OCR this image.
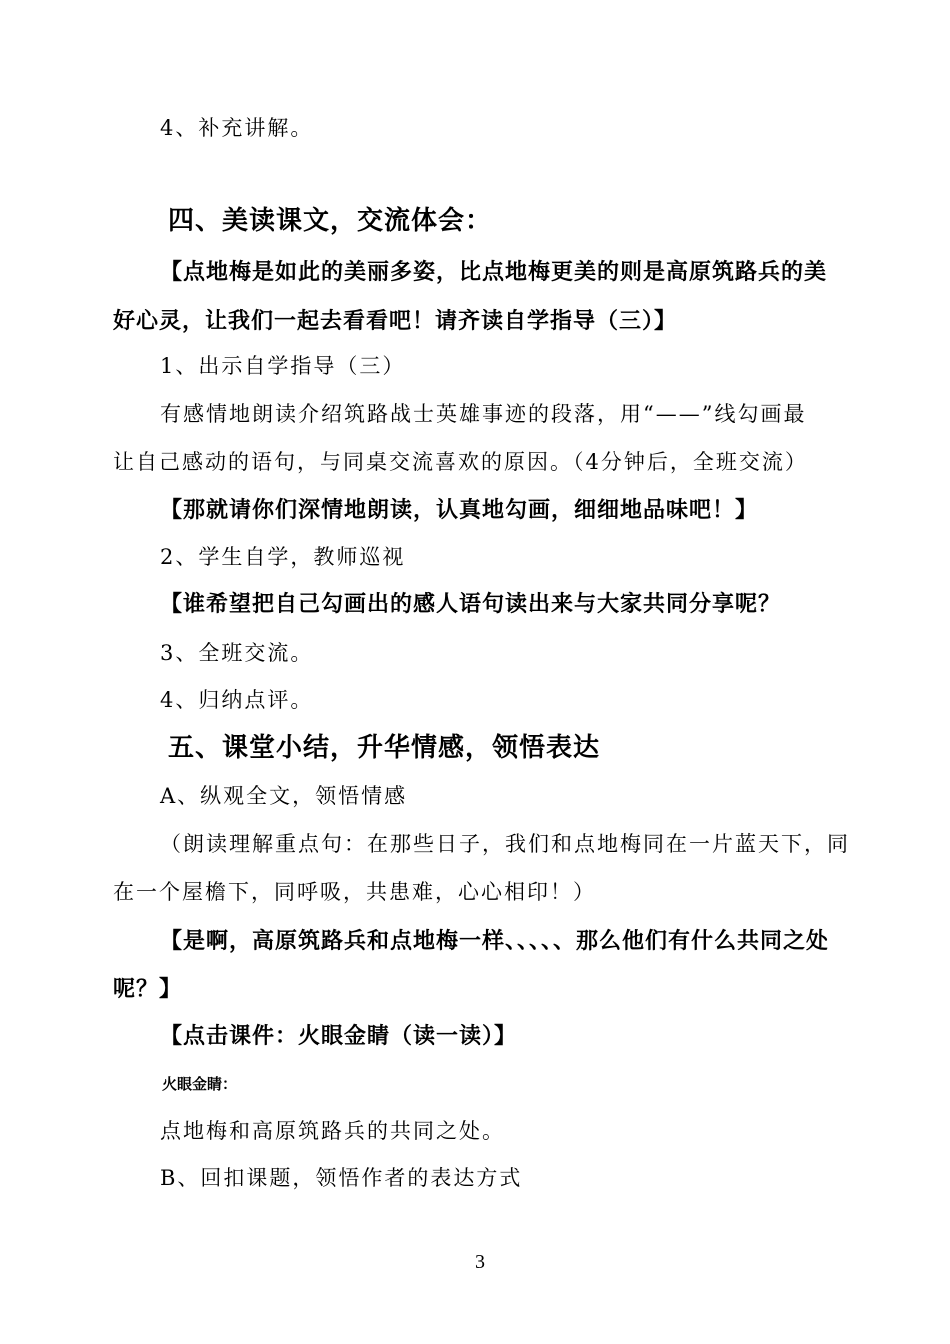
4、补充讲解。
四、美读课文，交流体会：
【点地梅是如此的美丽多姿，比点地梅更美的则是高原筑路兵的美
好心灵，让我们一起去看看吧！请齐读自学指导（三）】
1、出示自学指导（三）
有感情地朗读介绍筑路战士英雄事迹的段落，用“——”线勾画最
让自己感动的语句，与同桌交流喜欢的原因。（4分钟后，全班交流）
【那就请你们深情地朗读，认真地勾画，细细地品味吧！】
2、学生自学，教师巡视
【谁希望把自己勾画出的感人语句读出来与大家共同分享呢？
3、全班交流。
4、归纳点评。
五、课堂小结，升华情感，领悟表达
A、纵观全文，领悟情感
（朗读理解重点句：在那些日子，我们和点地梅同在一片蓝天下，同
在一个屋檐下，同呼吸，共患难，心心相印！）
【是啊，高原筑路兵和点地梅一样、、、、、那么他们有什么共同之处
呢？】
【点击课件：火眼金睛（读一读）】
火眼金睛：
点地梅和高原筑路兵的共同之处。
B、回扣课题，领悟作者的表达方式
3
